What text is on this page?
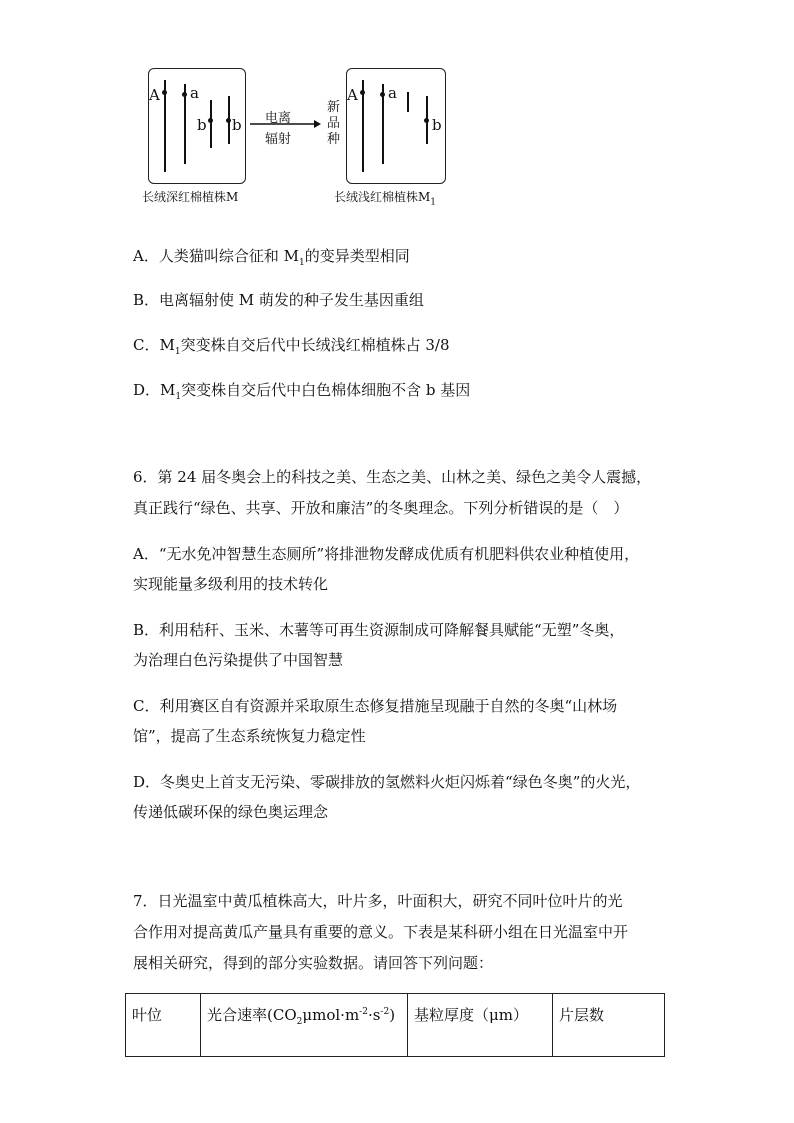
A a
b b
长绒深红棉植株M
电离
辐射
新
品
种
A a
b
长绒浅红棉植株$M_1$
A．人类猫叫综合征和 $M_1$的变异类型相同
B．电离辐射使 M 萌发的种子发生基因重组
C．$M_1$突变株自交后代中长绒浅红棉植株占 3/8
D．$M_1$突变株自交后代中白色棉体细胞不含 b 基因
6．第 24 届冬奥会上的科技之美、生态之美、山林之美、绿色之美令人震撼，
真正践行“绿色、共享、开放和廉洁”的冬奥理念。下列分析错误的是（　）
A．“无水免冲智慧生态厕所”将排泄物发酵成优质有机肥料供农业种植使用，
实现能量多级利用的技术转化
B．利用秸秆、玉米、木薯等可再生资源制成可降解餐具赋能“无塑”冬奥，
为治理白色污染提供了中国智慧
C．利用赛区自有资源并采取原生态修复措施呈现融于自然的冬奥“山林场
馆”，提高了生态系统恢复力稳定性
D．冬奥史上首支无污染、零碳排放的氢燃料火炬闪烁着“绿色冬奥”的火光，
传递低碳环保的绿色奥运理念
7．日光温室中黄瓜植株高大，叶片多，叶面积大，研究不同叶位叶片的光
合作用对提高黄瓜产量具有重要的意义。下表是某科研小组在日光温室中开
展相关研究，得到的部分实验数据。请回答下列问题：
叶位	光合速率$(CO_2\mu mol\cdot m^{-2}\cdot s^{-2})$	基粒厚度（μm）	片层数
